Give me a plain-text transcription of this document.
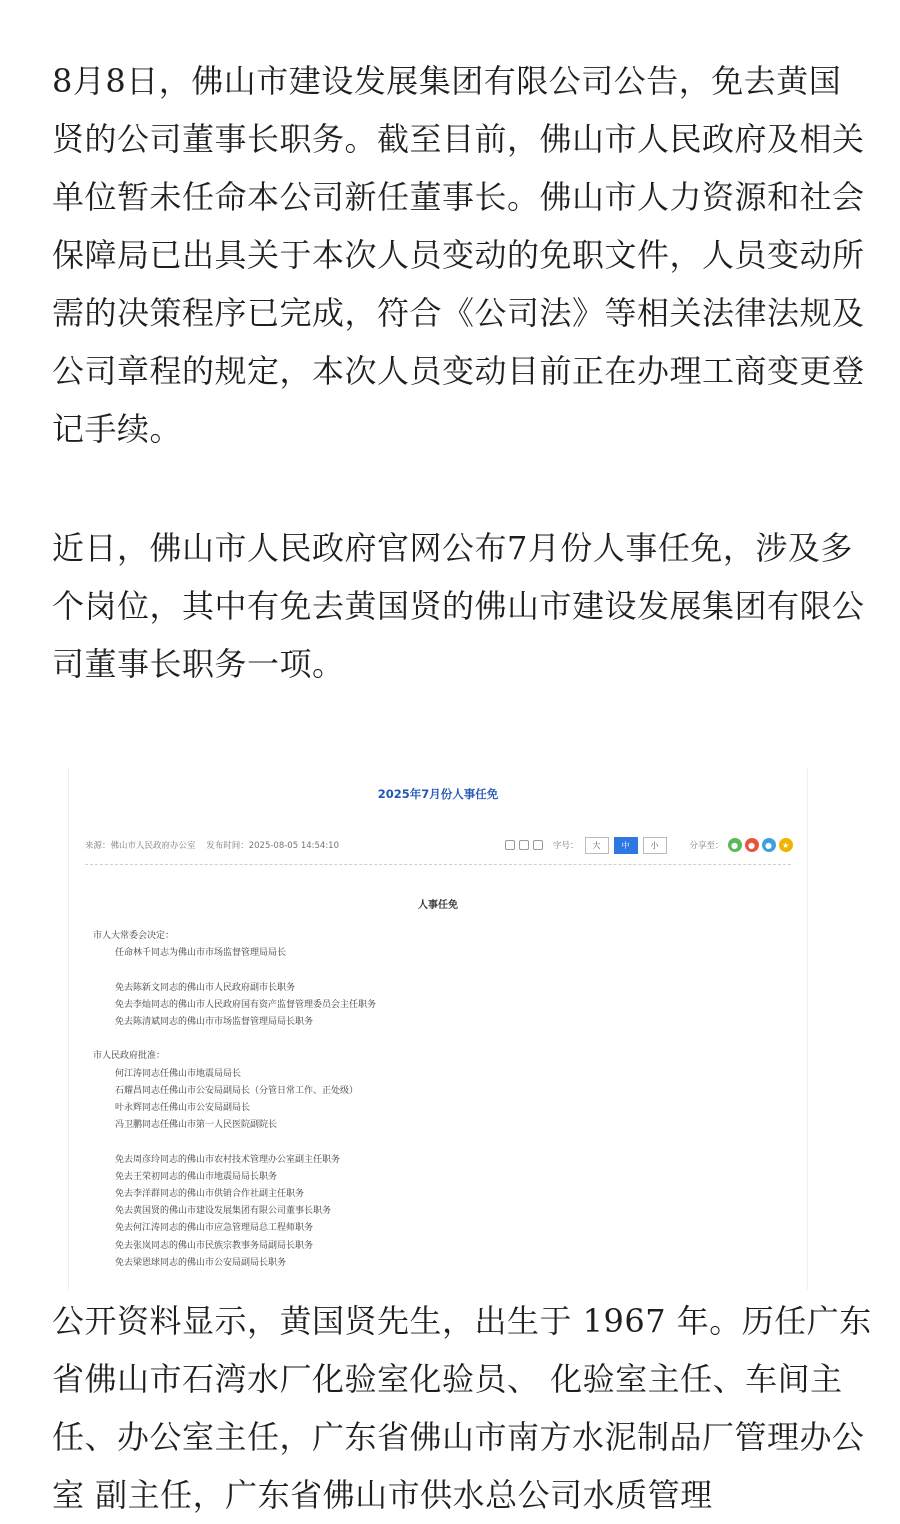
8月8日，佛山市建设发展集团有限公司公告，免去黄国贤的公司董事长职务。截至目前，佛山市人民政府及相关单位暂未任命本公司新任董事长。佛山市人力资源和社会保障局已出具关于本次人员变动的免职文件，人员变动所需的决策程序已完成，符合《公司法》等相关法律法规及公司章程的规定，本次人员变动目前正在办理工商变更登记手续。

近日，佛山市人民政府官网公布7月份人事任免，涉及多个岗位，其中有免去黄国贤的佛山市建设发展集团有限公司董事长职务一项。

2025年7月份人事任免
来源：佛山市人民政府办公室 发布时间：2025-08-05 14:54:10	字号：	大	中	小	分享至： ●	●	●	★
人事任免
市人大常委会决定：
任命林千同志为佛山市市场监督管理局局长
免去陈新文同志的佛山市人民政府副市长职务
免去李灿同志的佛山市人民政府国有资产监督管理委员会主任职务
免去陈清斌同志的佛山市市场监督管理局局长职务
市人民政府批准：
何江涛同志任佛山市地震局局长
石耀昌同志任佛山市公安局副局长（分管日常工作、正处级）
叶永辉同志任佛山市公安局副局长
冯卫鹏同志任佛山市第一人民医院副院长
免去周彦玲同志的佛山市农村技术管理办公室副主任职务
免去王荣初同志的佛山市地震局局长职务
免去李洋群同志的佛山市供销合作社副主任职务
免去黄国贤的佛山市建设发展集团有限公司董事长职务
免去何江涛同志的佛山市应急管理局总工程师职务
免去张岚同志的佛山市民族宗教事务局副局长职务
免去梁恩球同志的佛山市公安局副局长职务

公开资料显示，黄国贤先生，出生于 1967 年。历任广东省佛山市石湾水厂化验室化验员、 化验室主任、车间主任、办公室主任，广东省佛山市南方水泥制品厂管理办公室 副主任，广东省佛山市供水总公司水质管理
